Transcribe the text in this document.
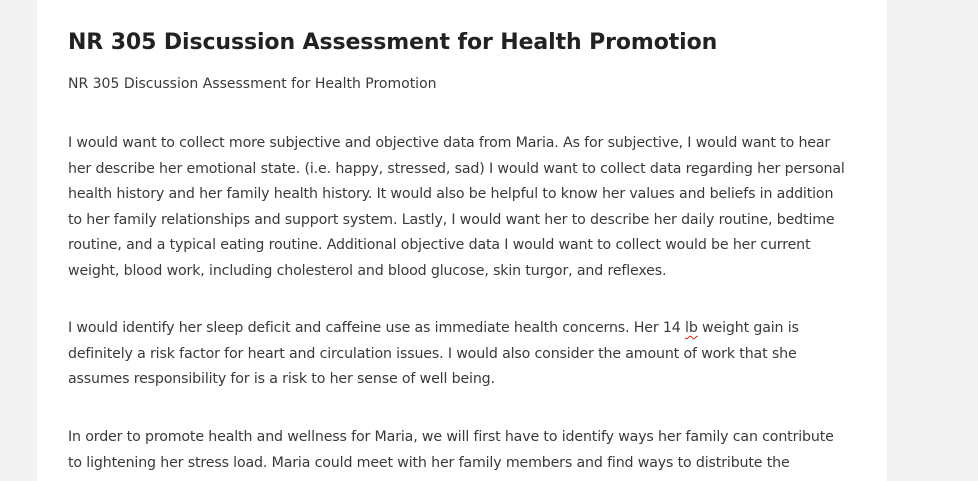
NR 305 Discussion Assessment for Health Promotion
NR 305 Discussion Assessment for Health Promotion

I would want to collect more subjective and objective data from Maria. As for subjective, I would want to hear her describe her emotional state. (i.e. happy, stressed, sad) I would want to collect data regarding her personal health history and her family health history. It would also be helpful to know her values and beliefs in addition to her family relationships and support system. Lastly, I would want her to describe her daily routine, bedtime routine, and a typical eating routine. Additional objective data I would want to collect would be her current weight, blood work, including cholesterol and blood glucose, skin turgor, and reflexes.

I would identify her sleep deficit and caffeine use as immediate health concerns. Her 14 lb weight gain is definitely a risk factor for heart and circulation issues. I would also consider the amount of work that she assumes responsibility for is a risk to her sense of well being.

In order to promote health and wellness for Maria, we will first have to identify ways her family can contribute to lightening her stress load. Maria could meet with her family members and find ways to distribute the
